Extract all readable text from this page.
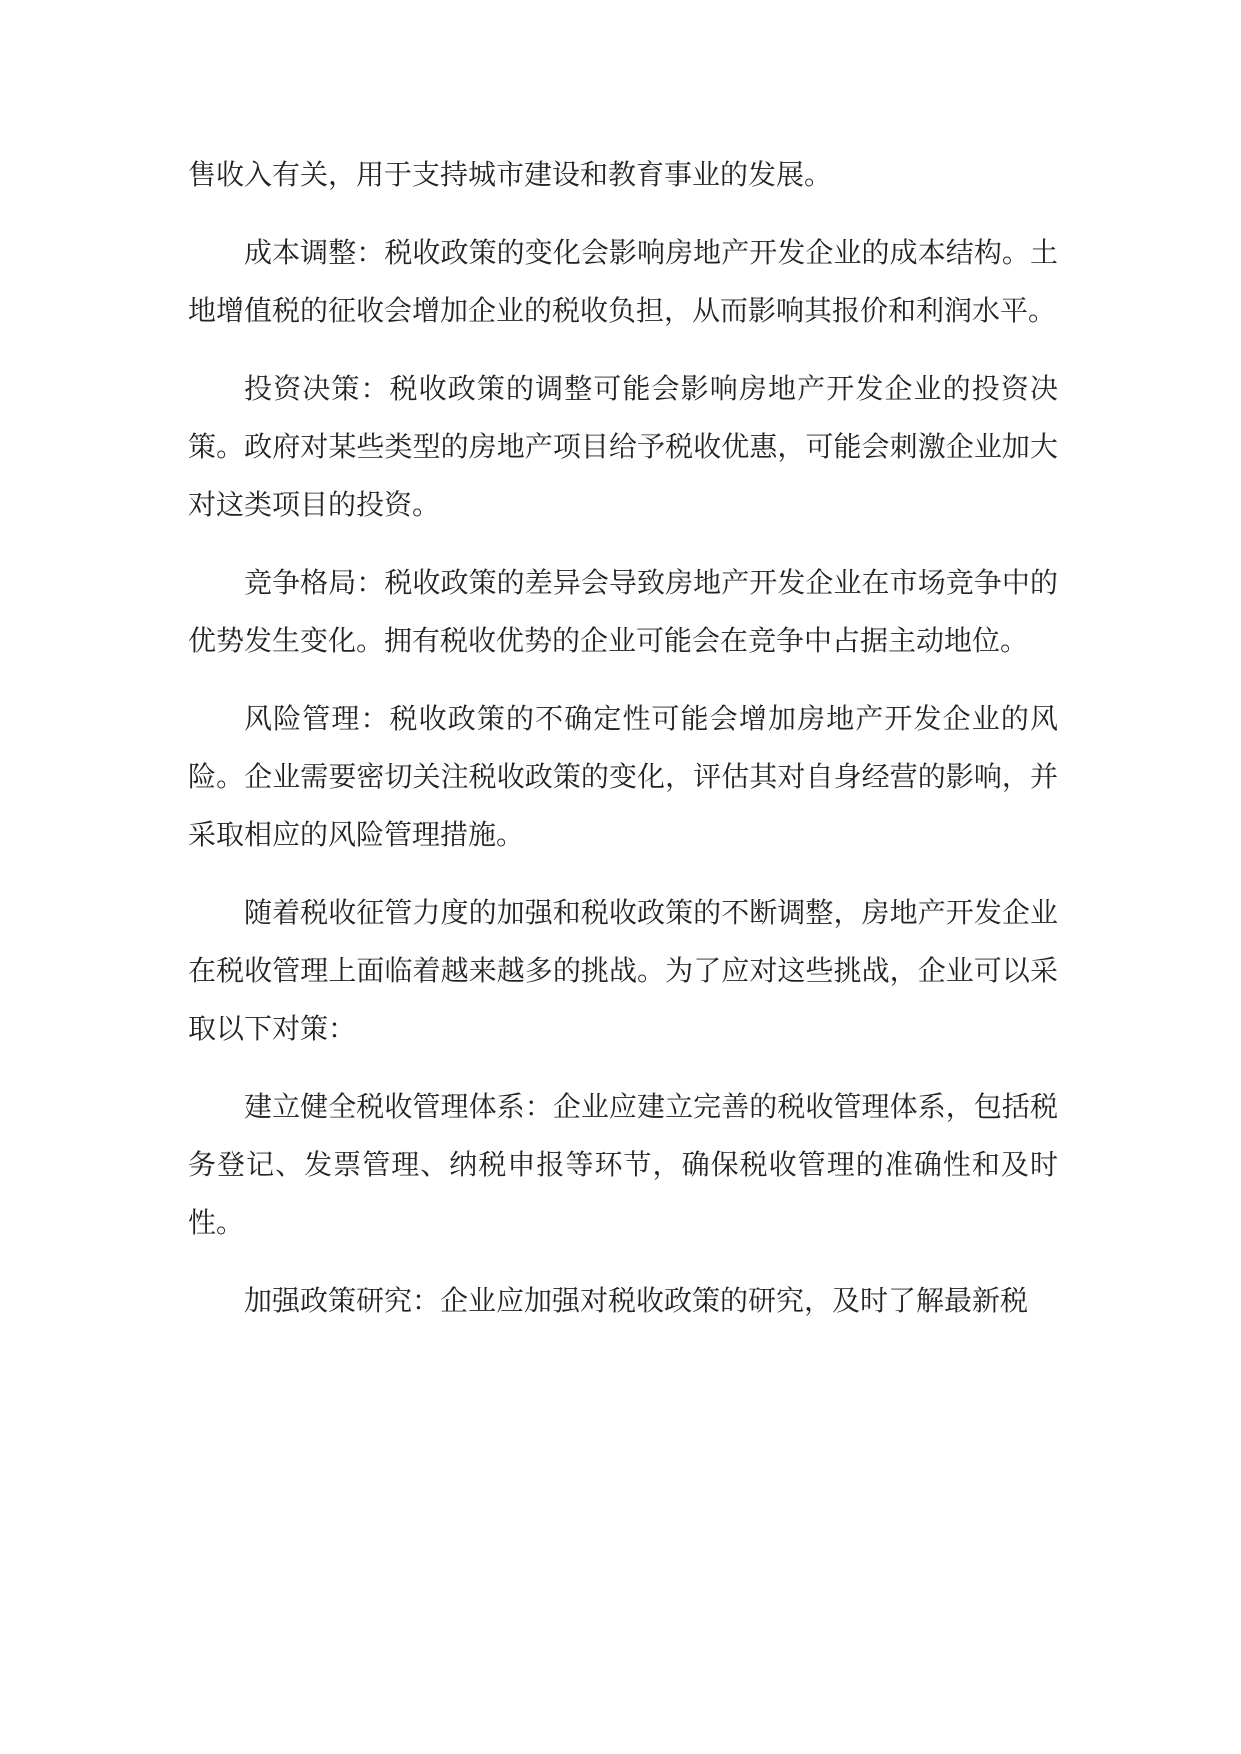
售收入有关，用于支持城市建设和教育事业的发展。

成本调整：税收政策的变化会影响房地产开发企业的成本结构。土地增值税的征收会增加企业的税收负担，从而影响其报价和利润水平。

投资决策：税收政策的调整可能会影响房地产开发企业的投资决策。政府对某些类型的房地产项目给予税收优惠，可能会刺激企业加大对这类项目的投资。

竞争格局：税收政策的差异会导致房地产开发企业在市场竞争中的优势发生变化。拥有税收优势的企业可能会在竞争中占据主动地位。

风险管理：税收政策的不确定性可能会增加房地产开发企业的风险。企业需要密切关注税收政策的变化，评估其对自身经营的影响，并采取相应的风险管理措施。

随着税收征管力度的加强和税收政策的不断调整，房地产开发企业在税收管理上面临着越来越多的挑战。为了应对这些挑战，企业可以采取以下对策：

建立健全税收管理体系：企业应建立完善的税收管理体系，包括税务登记、发票管理、纳税申报等环节，确保税收管理的准确性和及时性。

加强政策研究：企业应加强对税收政策的研究，及时了解最新税
